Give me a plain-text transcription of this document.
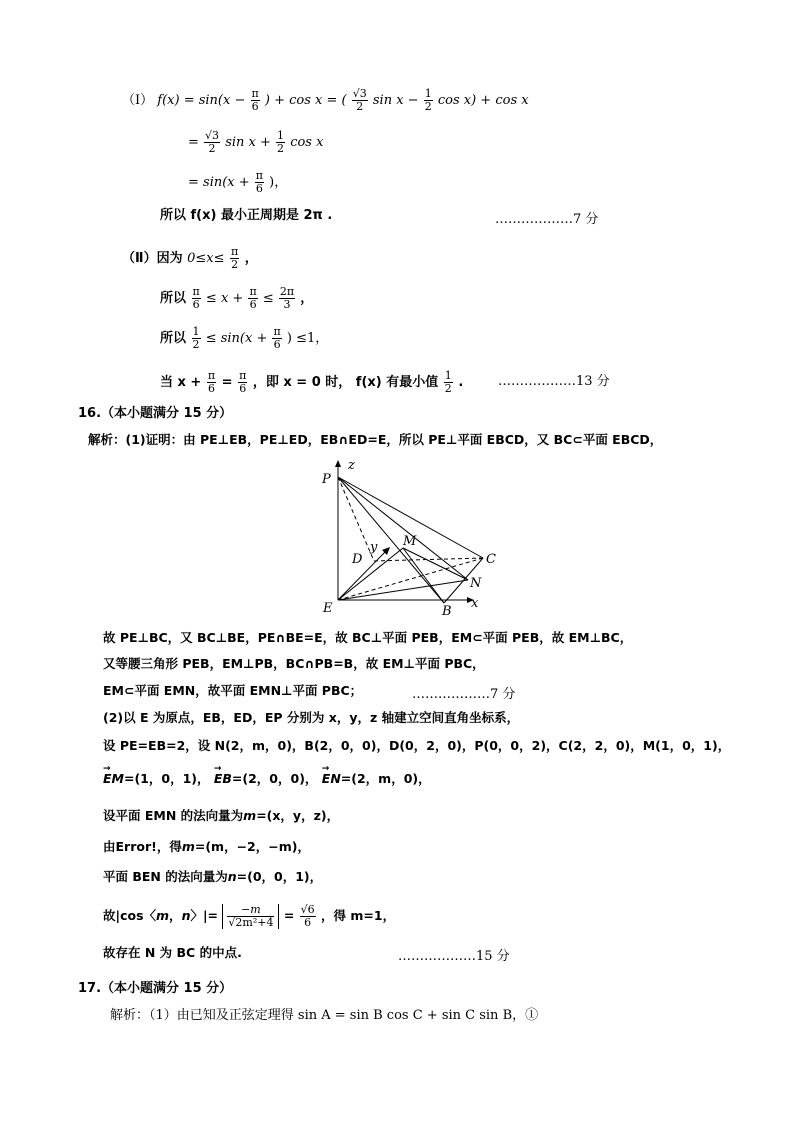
（Ⅰ） $f(x) = \sin(x - \frac{\pi}{6}$ ) + cos x = ( $\frac{√3}{2}$ $\sin x - \frac{1}{2}$ cos x) + cos x
= $\frac{√3}{2}$ $\sin x + \frac{1}{2}$ cos x
= $\sin(x + \frac{\pi}{6}$ )，
所以 f(x) 最小正周期是 2π .	………………7 分
（Ⅱ）因为 $0\le x\le \frac{\pi}{2}$ ，
所以 $\frac{\pi}{6} \le x + \frac{\pi}{6} \le \frac{2\pi}{3}$ ，
所以 $\frac{1}{2} \le \sin(x + \frac{\pi}{6}$ ) ≤1，
当 $x + \frac{\pi}{6} = \frac{\pi}{6}$ ，即 x = 0 时， f(x) 有最小值 $\frac{1}{2}$ .	………………13 分
16.（本小题满分 15 分）
解析：(1)证明：由 PE⊥EB，PE⊥ED，EB∩ED=E，所以 PE⊥平面 EBCD，又 BC⊂平面 EBCD，
P
z
D
y M
C
N
E	B
x
故 PE⊥BC，又 BC⊥BE，PE∩BE=E，故 BC⊥平面 PEB，EM⊂平面 PEB，故 EM⊥BC，
又等腰三角形 PEB，EM⊥PB，BC∩PB=B，故 EM⊥平面 PBC，
EM⊂平面 EMN，故平面 EMN⊥平面 PBC；	………………7 分
(2)以 E 为原点，EB，ED，EP 分别为 x，y，z 轴建立空间直角坐标系，
设 PE=EB=2，设 N(2，m，0)，B(2，0，0)，D(0，2，0)，P(0，0，2)，C(2，2，0)，M(1，0，1)，
→ EM=(1，0，1)， → EB=(2，0，0)， → EN=(2，m，0)，
设平面 EMN 的法向量为m=(x，y，z)，
由Error!，得m=(m，−2，−m)，
平面 BEN 的法向量为n=(0，0，1)，
故|cos〈m，n〉|= $\frac{-m}{\text{√2m²+4}} = \frac{√6}{6}$ ，得 m=1，
故存在 N 为 BC 的中点.	………………15 分
17.（本小题满分 15 分）
解析：（1）由已知及正弦定理得 sin A = sin B cos C + sin C sin B，①
